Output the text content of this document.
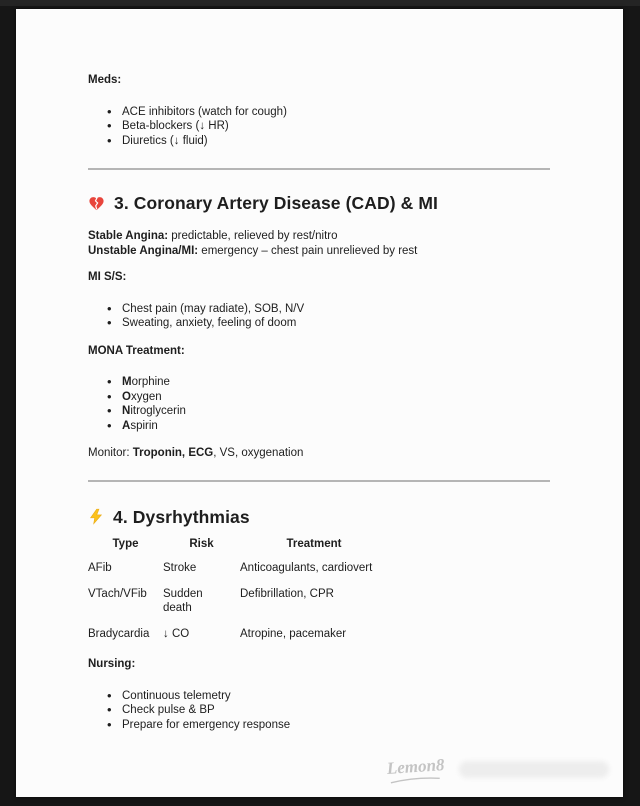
Meds:
• ACE inhibitors (watch for cough)
• Beta-blockers (↓ HR)
• Diuretics (↓ fluid)
3. Coronary Artery Disease (CAD) & MI
Stable Angina: predictable, relieved by rest/nitro
Unstable Angina/MI: emergency – chest pain unrelieved by rest
MI S/S:
• Chest pain (may radiate), SOB, N/V
• Sweating, anxiety, feeling of doom
MONA Treatment:
• Morphine
• Oxygen
• Nitroglycerin
• Aspirin
Monitor: Troponin, ECG, VS, oxygenation
4. Dysrhythmias
Type	Risk	Treatment
AFib	Stroke	Anticoagulants, cardiovert
VTach/VFib	Sudden death	Defibrillation, CPR
Bradycardia	↓ CO	Atropine, pacemaker
Nursing:
• Continuous telemetry
• Check pulse & BP
• Prepare for emergency response
Lemon8
